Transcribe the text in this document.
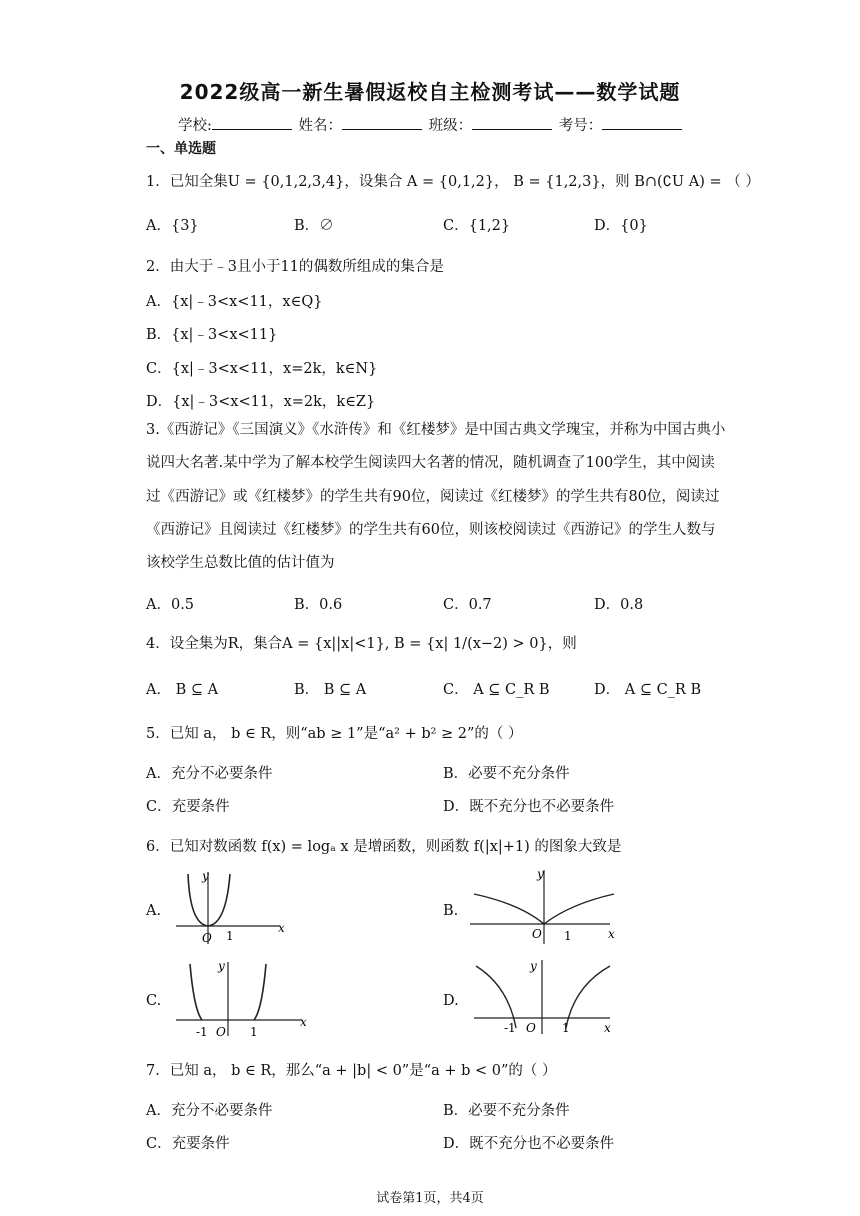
2022级高一新生暑假返校自主检测考试——数学试题
学校:	姓名：	班级：	考号：
一、单选题
1．已知全集U = {0,1,2,3,4}，设集合 A = {0,1,2}， B = {1,2,3}，则 B∩(∁U A) = （ ）
A．{3}	B．∅	C．{1,2}	D．{0}
2．由大于﹣3且小于11的偶数所组成的集合是
A．{x|﹣3<x<11，x∈Q}
B．{x|﹣3<x<11}
C．{x|﹣3<x<11，x=2k，k∈N}
D．{x|﹣3<x<11，x=2k，k∈Z}
3.《西游记》《三国演义》《水浒传》和《红楼梦》是中国古典文学瑰宝，并称为中国古典小说四大名著.某中学为了解本校学生阅读四大名著的情况，随机调查了100学生，其中阅读过《西游记》或《红楼梦》的学生共有90位，阅读过《红楼梦》的学生共有80位，阅读过《西游记》且阅读过《红楼梦》的学生共有60位，则该校阅读过《西游记》的学生人数与该校学生总数比值的估计值为
A．0.5	B．0.6	C．0.7	D．0.8
4．设全集为R，集合A = {x||x|<1}, B = {x| 1/(x−2) > 0}，则
A． B ⊆ A	B． B ⊆ A	C． A ⊆ C_R B	D． A ⊆ C_R B
5．已知 a， b ∈ R，则“ab ≥ 1”是“a² + b² ≥ 2”的（ ）
A．充分不必要条件	B．必要不充分条件
C．充要条件	D．既不充分也不必要条件
6．已知对数函数 f(x) = logₐ x 是增函数，则函数 f(|x|+1) 的图象大致是
A.
y
x
O 1
B.
y
x
O 1
C.
y
x
O
-1	1
D.
y
x
O
-1	1
7．已知 a， b ∈ R，那么“a + |b| < 0”是“a + b < 0”的（ ）
A．充分不必要条件	B．必要不充分条件
C．充要条件	D．既不充分也不必要条件
试卷第1页，共4页
